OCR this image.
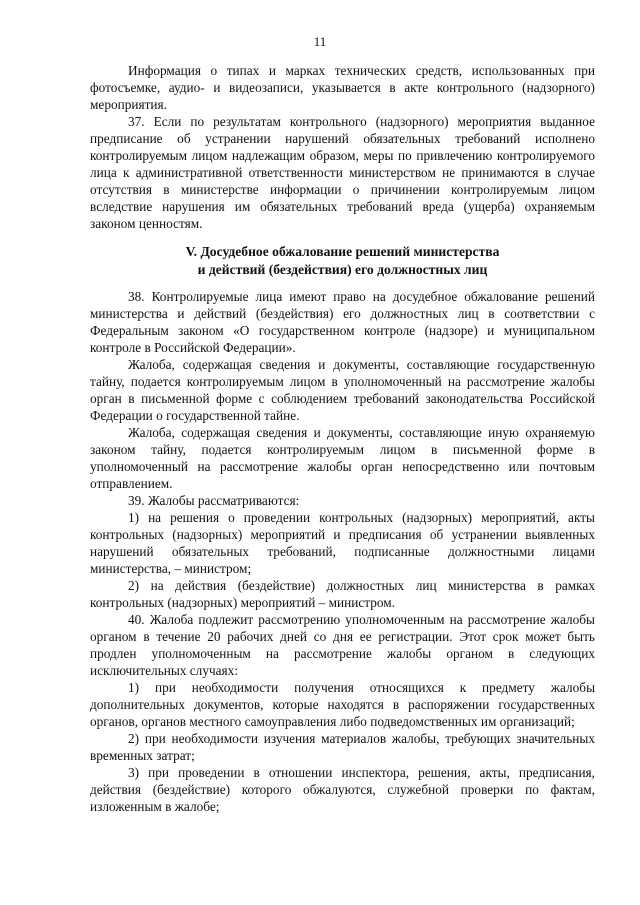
11

Информация о типах и марках технических средств, использованных при фотосъемке, аудио- и видеозаписи, указывается в акте контрольного (надзорного) мероприятия.

37. Если по результатам контрольного (надзорного) мероприятия выданное предписание об устранении нарушений обязательных требований исполнено контролируемым лицом надлежащим образом, меры по привлечению контролируемого лица к административной ответственности министерством не принимаются в случае отсутствия в министерстве информации о причинении контролируемым лицом вследствие нарушения им обязательных требований вреда (ущерба) охраняемым законом ценностям.

V. Досудебное обжалование решений министерства
и действий (бездействия) его должностных лиц

38. Контролируемые лица имеют право на досудебное обжалование решений министерства и действий (бездействия) его должностных лиц в соответствии с Федеральным законом «О государственном контроле (надзоре) и муниципальном контроле в Российской Федерации».

Жалоба, содержащая сведения и документы, составляющие государственную тайну, подается контролируемым лицом в уполномоченный на рассмотрение жалобы орган в письменной форме с соблюдением требований законодательства Российской Федерации о государственной тайне.

Жалоба, содержащая сведения и документы, составляющие иную охраняемую законом тайну, подается контролируемым лицом в письменной форме в уполномоченный на рассмотрение жалобы орган непосредственно или почтовым отправлением.

39. Жалобы рассматриваются:

1) на решения о проведении контрольных (надзорных) мероприятий, акты контрольных (надзорных) мероприятий и предписания об устранении выявленных нарушений обязательных требований, подписанные должностными лицами министерства, – министром;

2) на действия (бездействие) должностных лиц министерства в рамках контрольных (надзорных) мероприятий – министром.

40. Жалоба подлежит рассмотрению уполномоченным на рассмотрение жалобы органом в течение 20 рабочих дней со дня ее регистрации. Этот срок может быть продлен уполномоченным на рассмотрение жалобы органом в следующих исключительных случаях:

1) при необходимости получения относящихся к предмету жалобы дополнительных документов, которые находятся в распоряжении государственных органов, органов местного самоуправления либо подведомственных им организаций;

2) при необходимости изучения материалов жалобы, требующих значительных временных затрат;

3) при проведении в отношении инспектора, решения, акты, предписания, действия (бездействие) которого обжалуются, служебной проверки по фактам, изложенным в жалобе;
